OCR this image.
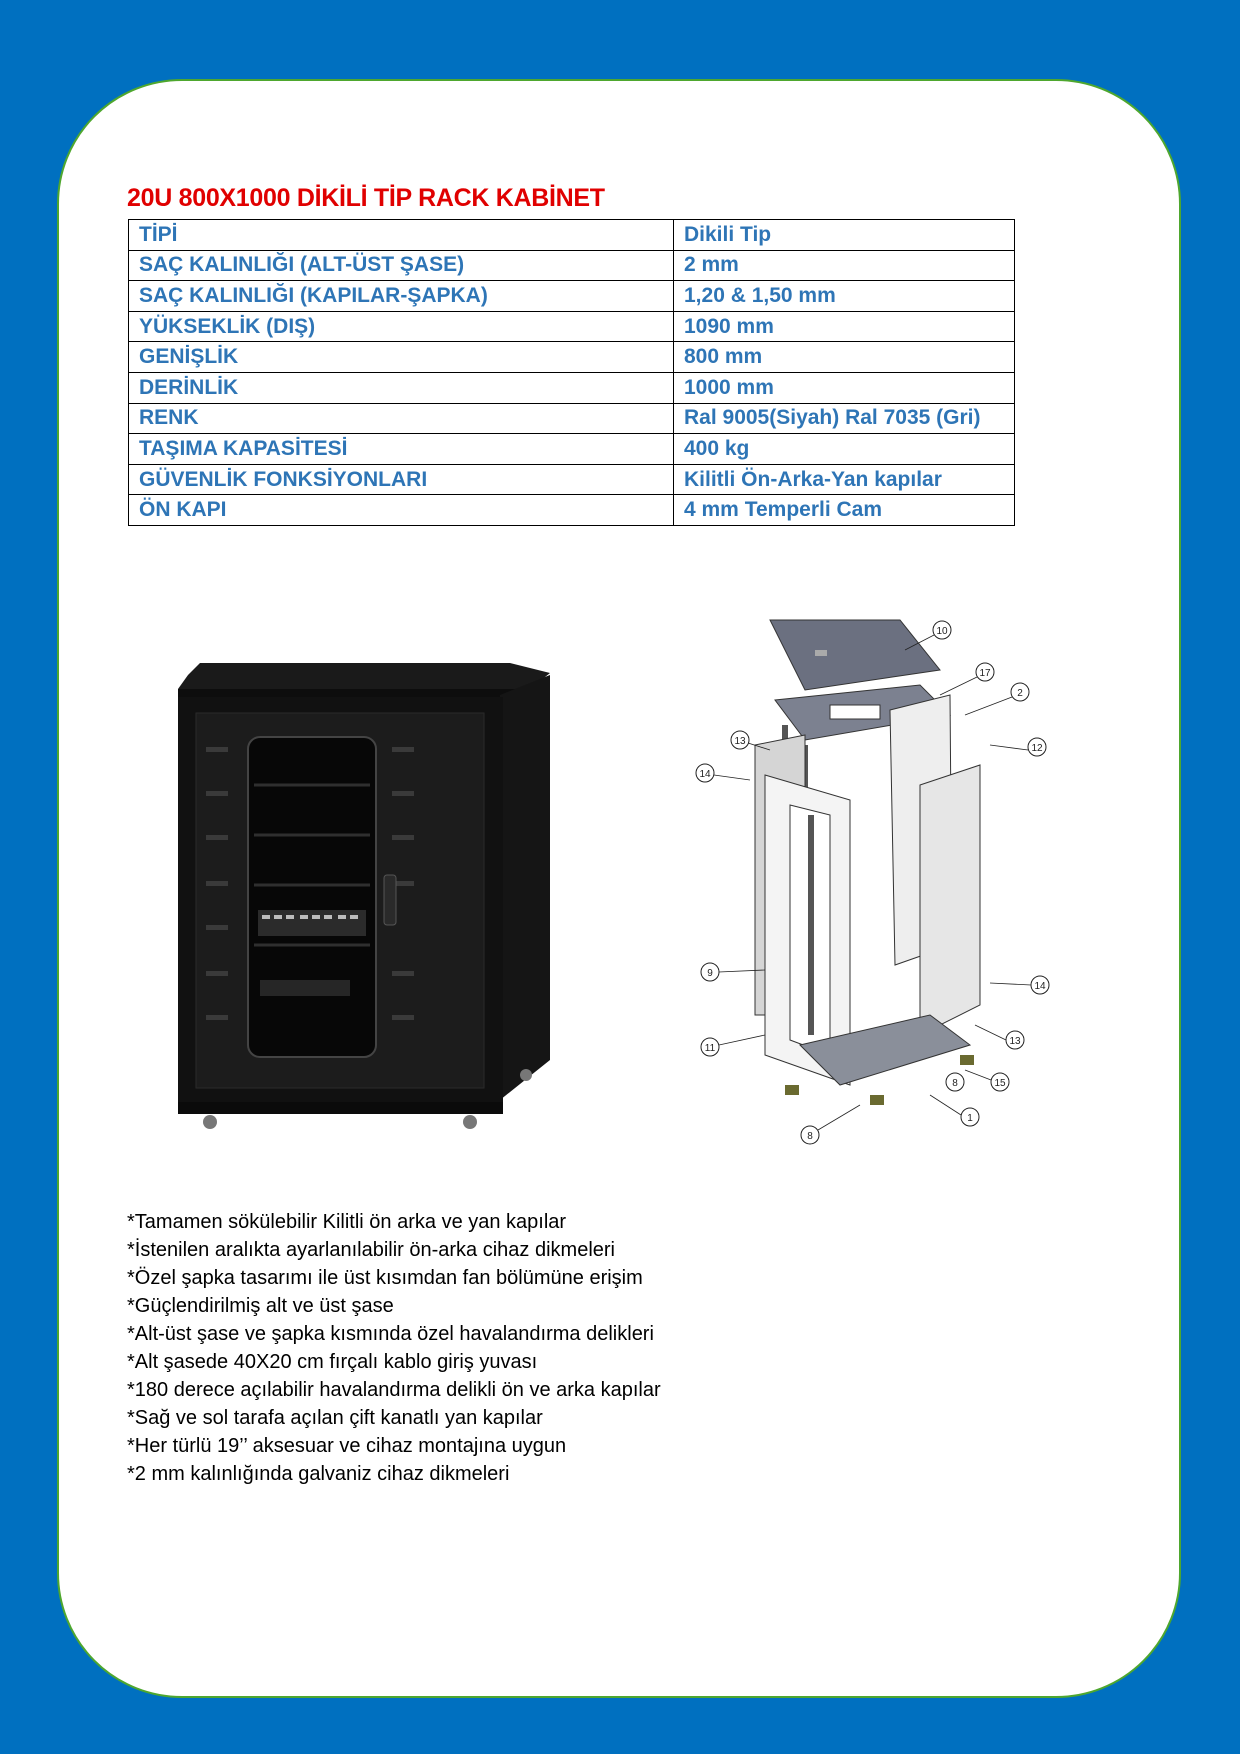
20U 800X1000 DİKİLİ TİP RACK KABİNET
TİPİ	Dikili Tip
SAÇ KALINLIĞI (ALT-ÜST ŞASE)	2 mm
SAÇ KALINLIĞI (KAPILAR-ŞAPKA)	1,20 & 1,50 mm
YÜKSEKLİK (DIŞ)	1090 mm
GENİŞLİK	800 mm
DERİNLİK	1000 mm
RENK	Ral 9005(Siyah) Ral 7035 (Gri)
TAŞIMA KAPASİTESİ	400 kg
GÜVENLİK FONKSİYONLARI	Kilitli Ön-Arka-Yan kapılar
ÖN KAPI	4 mm Temperli Cam
10
17
2
13
12
14
9
14
13
11
15
8
1
8
*Tamamen sökülebilir Kilitli ön arka ve yan kapılar
*İstenilen aralıkta ayarlanılabilir ön-arka cihaz dikmeleri
*Özel şapka tasarımı ile üst kısımdan fan bölümüne erişim
*Güçlendirilmiş alt ve üst şase
*Alt-üst şase ve şapka kısmında özel havalandırma delikleri
*Alt şasede 40X20 cm fırçalı kablo giriş yuvası
*180 derece açılabilir havalandırma delikli ön ve arka kapılar
*Sağ ve sol tarafa açılan çift kanatlı yan kapılar
*Her türlü 19’’ aksesuar ve cihaz montajına uygun
*2 mm kalınlığında galvaniz cihaz dikmeleri
